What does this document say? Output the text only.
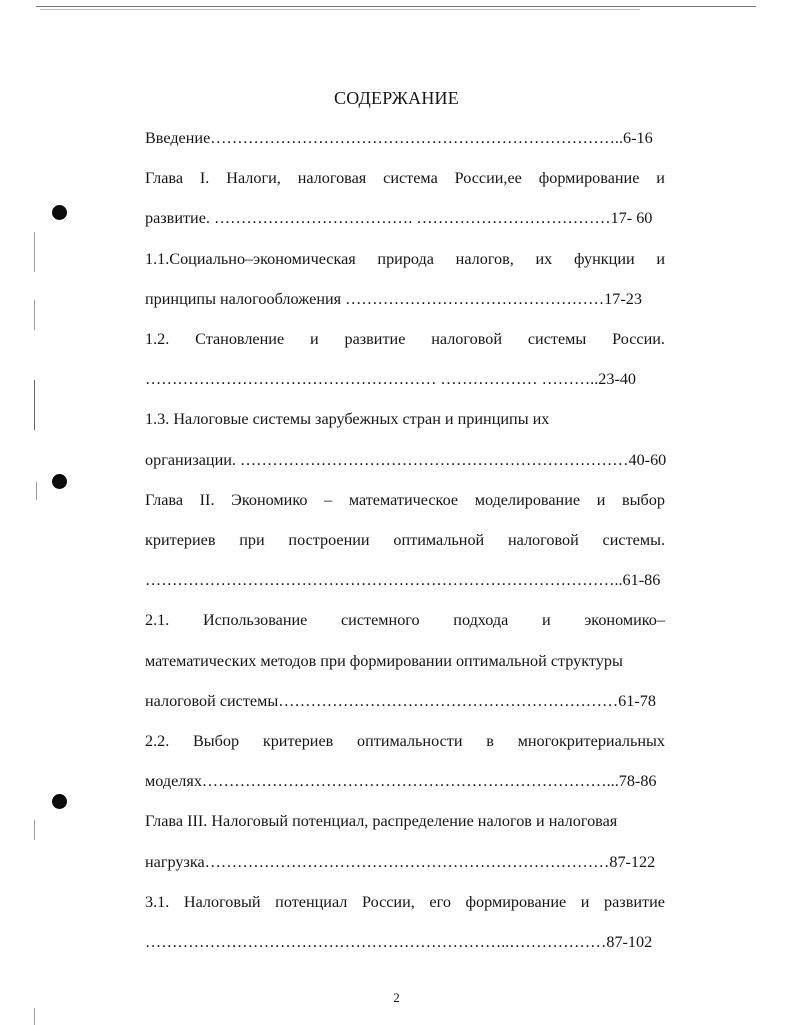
СОДЕРЖАНИЕ
Введение…………………………………………………………………..6-16
Глава I. Налоги, налоговая система России,ее формирование и
развитие. ………………………………. ………………………………17- 60
1.1.Социально–экономическая природа налогов, их функции и
принципы налогообложения …………………………………………17-23
1.2. Становление и развитие налоговой системы России.
……………………………………………… ……………… ………..23-40
1.3. Налоговые системы зарубежных стран и принципы их
организации. ………………………………………………………………40-60
Глава II. Экономико – математическое моделирование и выбор
критериев при построении оптимальной налоговой системы.
……………………………………………………………………………..61-86
2.1. Использование системного подхода и экономико–
математических методов при формировании оптимальной структуры
налоговой системы………………………………………………………61-78
2.2. Выбор критериев оптимальности в многокритериальных
моделях…………………………………………………………………...78-86
Глава III. Налоговый потенциал, распределение налогов и налоговая
нагрузка…………………………………………………………………87-122
3.1. Налоговый потенциал России, его формирование и развитие
…………………………………………………………..………………87-102
2
